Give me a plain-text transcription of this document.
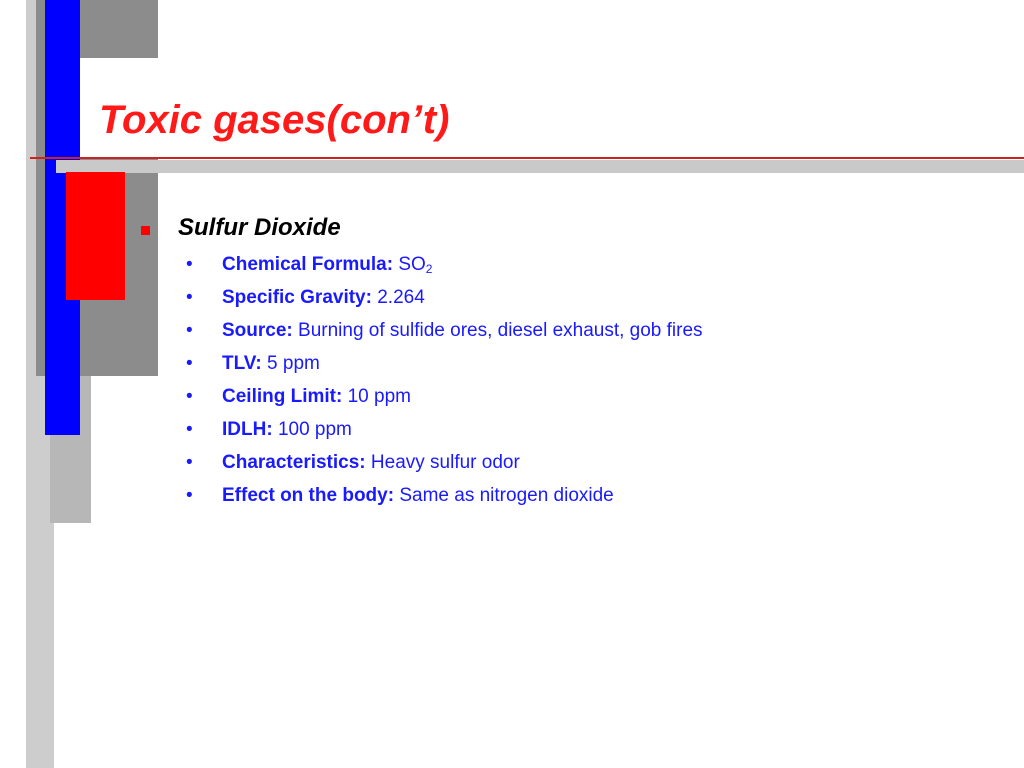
Toxic gases(con’t)
Sulfur Dioxide
• Chemical Formula: $SO_2$
• Specific Gravity: 2.264
• Source: Burning of sulfide ores, diesel exhaust, gob fires
• TLV: 5 ppm
• Ceiling Limit: 10 ppm
• IDLH: 100 ppm
• Characteristics: Heavy sulfur odor
• Effect on the body: Same as nitrogen dioxide
